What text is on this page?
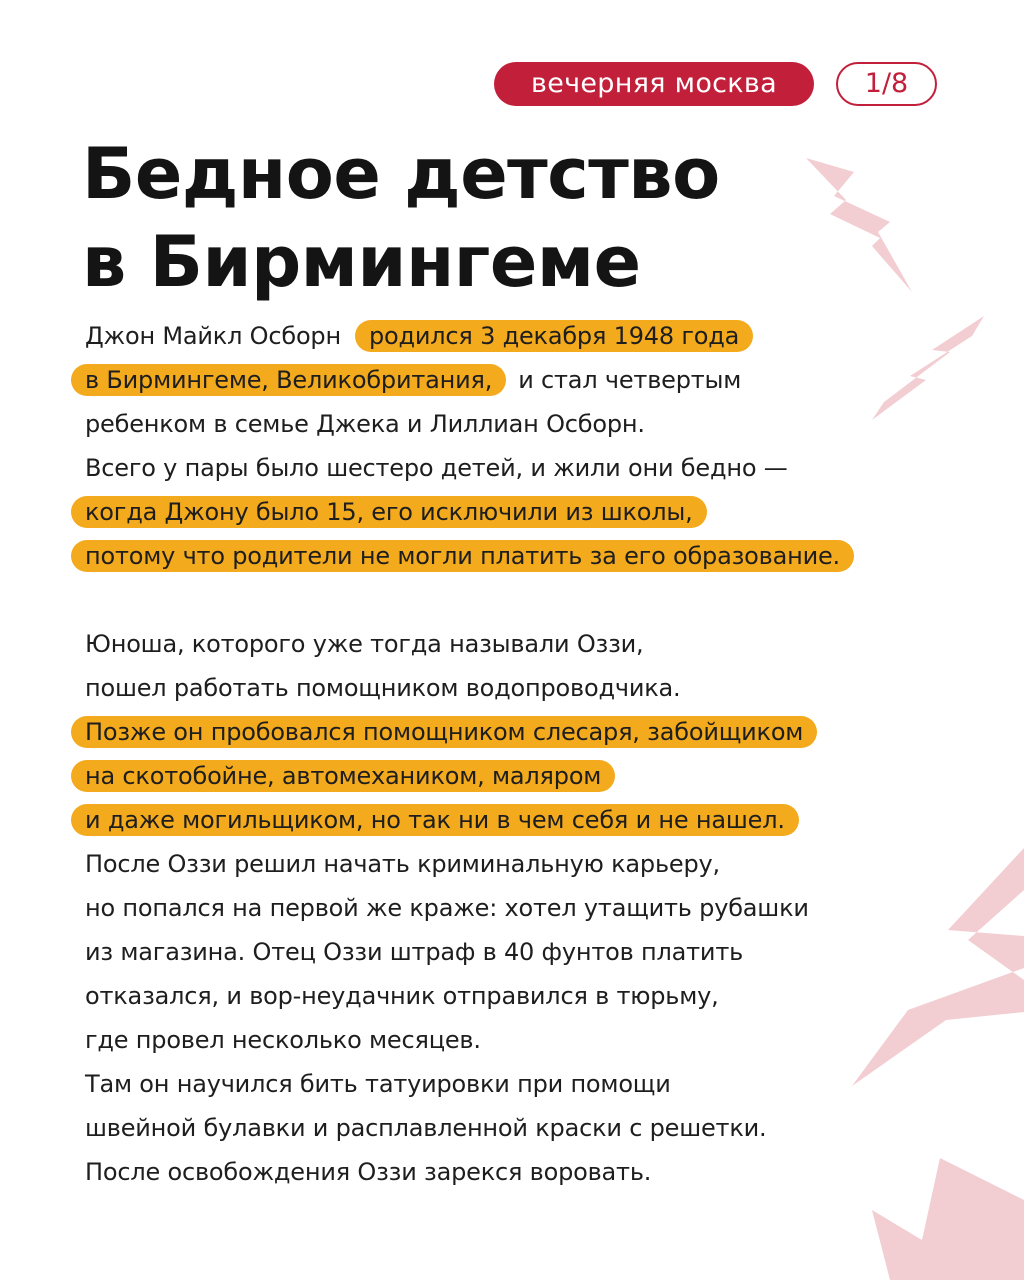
вечерняя москва	1/8
Бедное детство
в Бирмингеме
Джон Майкл Осборн родился 3 декабря 1948 года
в Бирмингеме, Великобритания, и стал четвертым
ребенком в семье Джека и Лиллиан Осборн.
Всего у пары было шестеро детей, и жили они бедно —
когда Джону было 15, его исключили из школы,
потому что родители не могли платить за его образование.
Юноша, которого уже тогда называли Оззи,
пошел работать помощником водопроводчика.
Позже он пробовался помощником слесаря, забойщиком
на скотобойне, автомехаником, маляром
и даже могильщиком, но так ни в чем себя и не нашел.
После Оззи решил начать криминальную карьеру,
но попался на первой же краже: хотел утащить рубашки
из магазина. Отец Оззи штраф в 40 фунтов платить
отказался, и вор-неудачник отправился в тюрьму,
где провел несколько месяцев.
Там он научился бить татуировки при помощи
швейной булавки и расплавленной краски с решетки.
После освобождения Оззи зарекся воровать.
